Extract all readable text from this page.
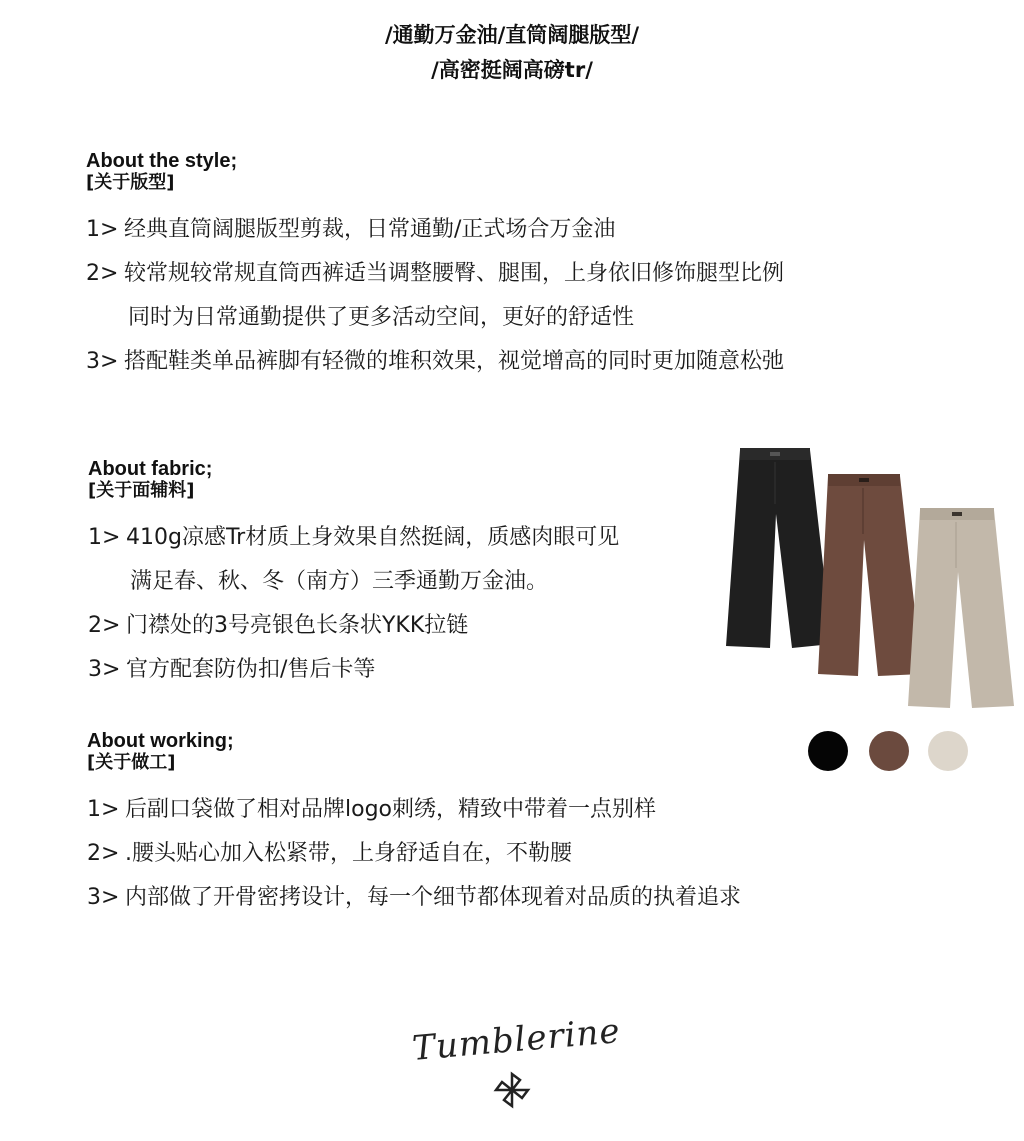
/通勤万金油/直筒阔腿版型/
/高密挺阔高磅tr/
About the style;
[关于版型]
1> 经典直筒阔腿版型剪裁，日常通勤/正式场合万金油
2> 较常规较常规直筒西裤适当调整腰臀、腿围，上身依旧修饰腿型比例
同时为日常通勤提供了更多活动空间，更好的舒适性
3> 搭配鞋类单品裤脚有轻微的堆积效果，视觉增高的同时更加随意松弛
About fabric;
[关于面辅料]
1> 410g凉感Tr材质上身效果自然挺阔，质感肉眼可见
满足春、秋、冬（南方）三季通勤万金油。
2> 门襟处的3号亮银色长条状YKK拉链
3> 官方配套防伪扣/售后卡等
About working;
[关于做工]
1> 后副口袋做了相对品牌logo刺绣，精致中带着一点别样
2> .腰头贴心加入松紧带，上身舒适自在，不勒腰
3> 内部做了开骨密拷设计，每一个细节都体现着对品质的执着追求
Tumblerine
